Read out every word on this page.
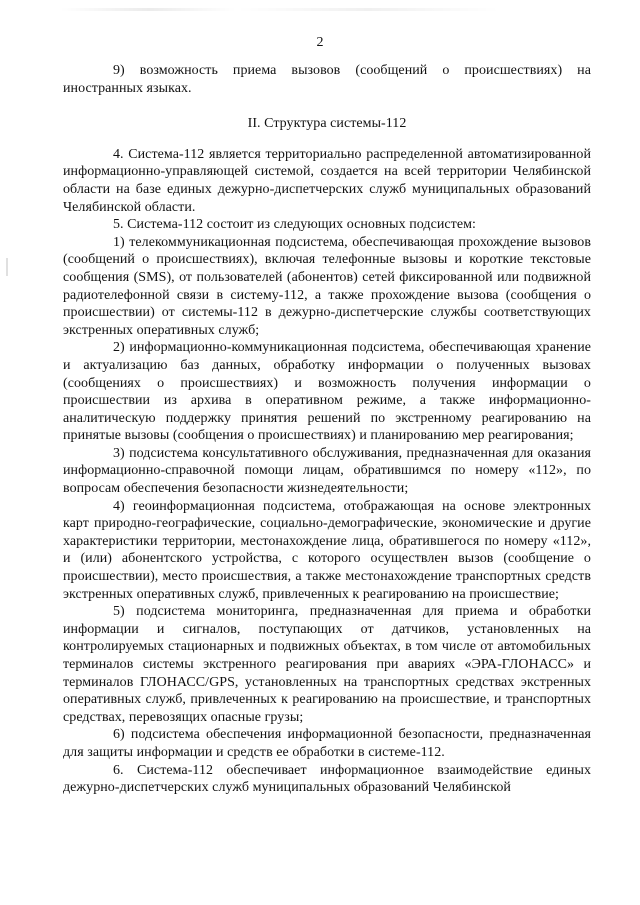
2

9) возможность приема вызовов (сообщений о происшествиях) на иностранных языках.

II. Структура системы-112

4. Система-112 является территориально распределенной автоматизированной информационно-управляющей системой, создается на всей территории Челябинской области на базе единых дежурно-диспетчерских служб муниципальных образований Челябинской области.

5. Система-112 состоит из следующих основных подсистем:

1) телекоммуникационная подсистема, обеспечивающая прохождение вызовов (сообщений о происшествиях), включая телефонные вызовы и короткие текстовые сообщения (SMS), от пользователей (абонентов) сетей фиксированной или подвижной радиотелефонной связи в систему-112, а также прохождение вызова (сообщения о происшествии) от системы-112 в дежурно-диспетчерские службы соответствующих экстренных оперативных служб;

2) информационно-коммуникационная подсистема, обеспечивающая хранение и актуализацию баз данных, обработку информации о полученных вызовах (сообщениях о происшествиях) и возможность получения информации о происшествии из архива в оперативном режиме, а также информационно-аналитическую поддержку принятия решений по экстренному реагированию на принятые вызовы (сообщения о происшествиях) и планированию мер реагирования;

3) подсистема консультативного обслуживания, предназначенная для оказания информационно-справочной помощи лицам, обратившимся по номеру «112», по вопросам обеспечения безопасности жизнедеятельности;

4) геоинформационная подсистема, отображающая на основе электронных карт природно-географические, социально-демографические, экономические и другие характеристики территории, местонахождение лица, обратившегося по номеру «112», и (или) абонентского устройства, с которого осуществлен вызов (сообщение о происшествии), место происшествия, а также местонахождение транспортных средств экстренных оперативных служб, привлеченных к реагированию на происшествие;

5) подсистема мониторинга, предназначенная для приема и обработки информации и сигналов, поступающих от датчиков, установленных на контролируемых стационарных и подвижных объектах, в том числе от автомобильных терминалов системы экстренного реагирования при авариях «ЭРА-ГЛОНАСС» и терминалов ГЛОНАСС/GPS, установленных на транспортных средствах экстренных оперативных служб, привлеченных к реагированию на происшествие, и транспортных средствах, перевозящих опасные грузы;

6) подсистема обеспечения информационной безопасности, предназначенная для защиты информации и средств ее обработки в системе-112.

6. Система-112 обеспечивает информационное взаимодействие единых дежурно-диспетчерских служб муниципальных образований Челябинской
